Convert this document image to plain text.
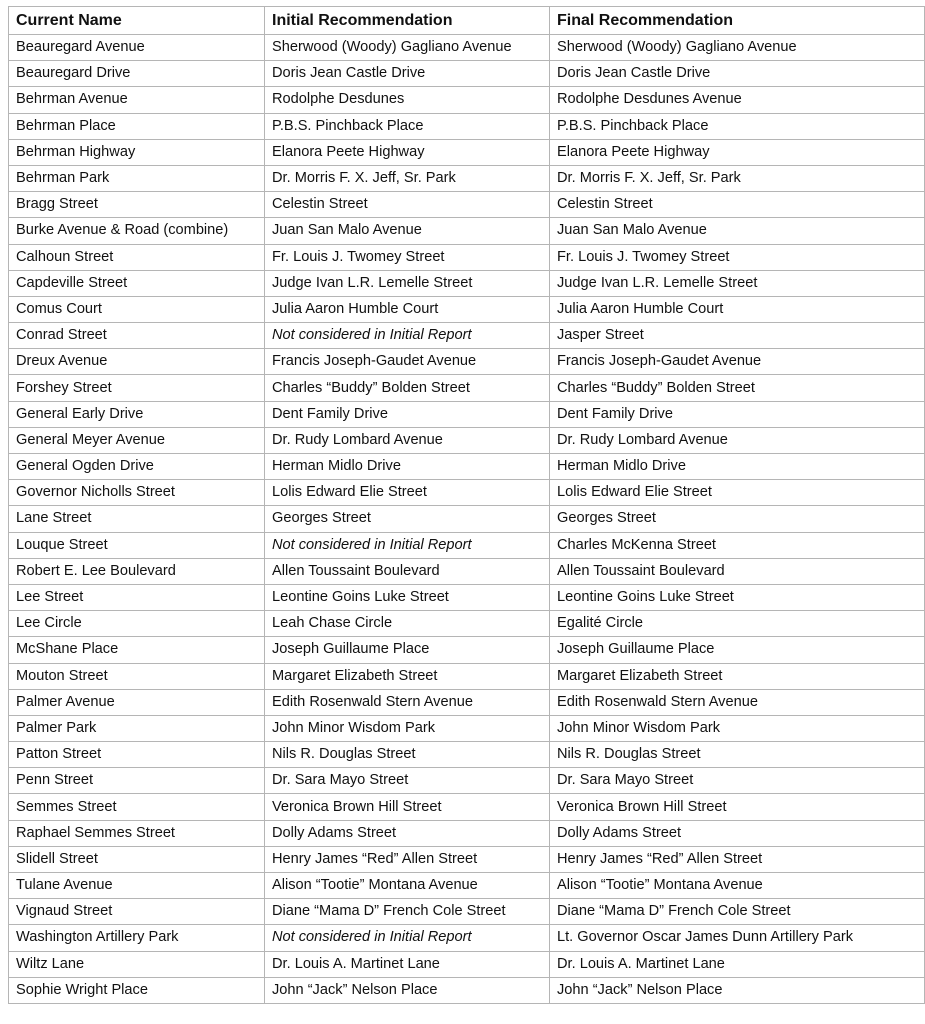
Current Name	Initial Recommendation	Final Recommendation
Beauregard Avenue	Sherwood (Woody) Gagliano Avenue	Sherwood (Woody) Gagliano Avenue
Beauregard Drive	Doris Jean Castle Drive	Doris Jean Castle Drive
Behrman Avenue	Rodolphe Desdunes	Rodolphe Desdunes Avenue
Behrman Place	P.B.S. Pinchback Place	P.B.S. Pinchback Place
Behrman Highway	Elanora Peete Highway	Elanora Peete Highway
Behrman Park	Dr. Morris F. X. Jeff, Sr. Park	Dr. Morris F. X. Jeff, Sr. Park
Bragg Street	Celestin Street	Celestin Street
Burke Avenue & Road (combine)	Juan San Malo Avenue	Juan San Malo Avenue
Calhoun Street	Fr. Louis J. Twomey Street	Fr. Louis J. Twomey Street
Capdeville Street	Judge Ivan L.R. Lemelle Street	Judge Ivan L.R. Lemelle Street
Comus Court	Julia Aaron Humble Court	Julia Aaron Humble Court
Conrad Street	Not considered in Initial Report	Jasper Street
Dreux Avenue	Francis Joseph-Gaudet Avenue	Francis Joseph-Gaudet Avenue
Forshey Street	Charles “Buddy” Bolden Street	Charles “Buddy” Bolden Street
General Early Drive	Dent Family Drive	Dent Family Drive
General Meyer Avenue	Dr. Rudy Lombard Avenue	Dr. Rudy Lombard Avenue
General Ogden Drive	Herman Midlo Drive	Herman Midlo Drive
Governor Nicholls Street	Lolis Edward Elie Street	Lolis Edward Elie Street
Lane Street	Georges Street	Georges Street
Louque Street	Not considered in Initial Report	Charles McKenna Street
Robert E. Lee Boulevard	Allen Toussaint Boulevard	Allen Toussaint Boulevard
Lee Street	Leontine Goins Luke Street	Leontine Goins Luke Street
Lee Circle	Leah Chase Circle	Egalité Circle
McShane Place	Joseph Guillaume Place	Joseph Guillaume Place
Mouton Street	Margaret Elizabeth Street	Margaret Elizabeth Street
Palmer Avenue	Edith Rosenwald Stern Avenue	Edith Rosenwald Stern Avenue
Palmer Park	John Minor Wisdom Park	John Minor Wisdom Park
Patton Street	Nils R. Douglas Street	Nils R. Douglas Street
Penn Street	Dr. Sara Mayo Street	Dr. Sara Mayo Street
Semmes Street	Veronica Brown Hill Street	Veronica Brown Hill Street
Raphael Semmes Street	Dolly Adams Street	Dolly Adams Street
Slidell Street	Henry James “Red” Allen Street	Henry James “Red” Allen Street
Tulane Avenue	Alison “Tootie” Montana Avenue	Alison “Tootie” Montana Avenue
Vignaud Street	Diane “Mama D” French Cole Street	Diane “Mama D” French Cole Street
Washington Artillery Park	Not considered in Initial Report	Lt. Governor Oscar James Dunn Artillery Park
Wiltz Lane	Dr. Louis A. Martinet Lane	Dr. Louis A. Martinet Lane
Sophie Wright Place	John “Jack” Nelson Place	John “Jack” Nelson Place
